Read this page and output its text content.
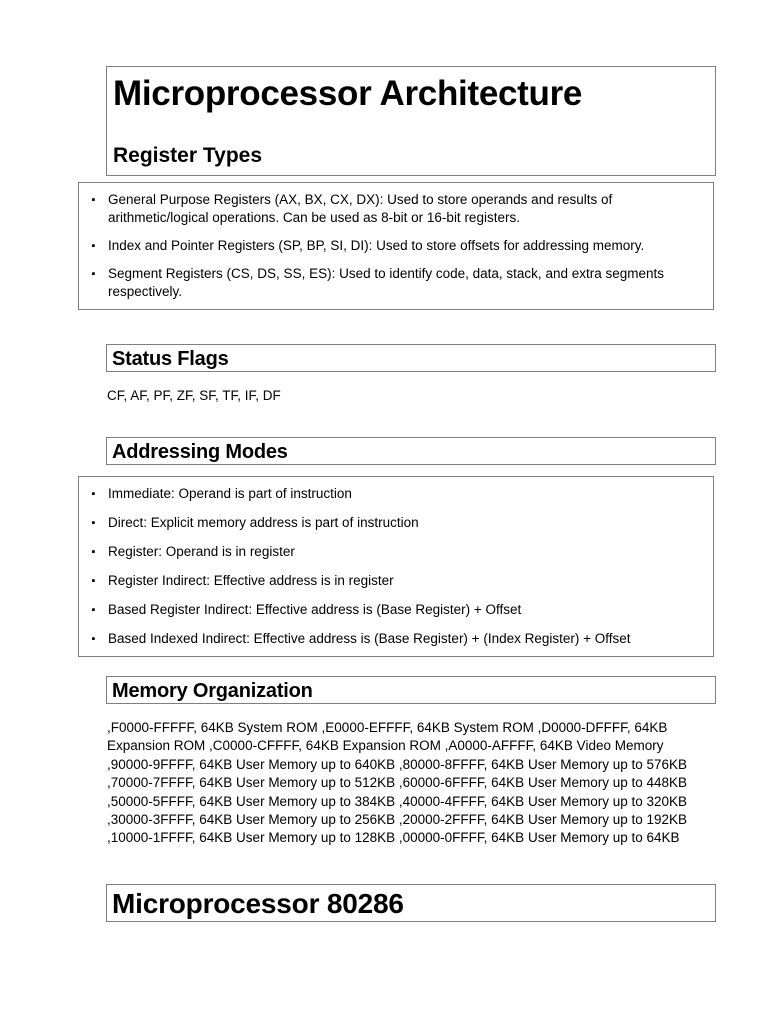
Microprocessor Architecture
Register Types
▪ General Purpose Registers (AX, BX, CX, DX): Used to store operands and results of arithmetic/logical operations. Can be used as 8-bit or 16-bit registers.
▪ Index and Pointer Registers (SP, BP, SI, DI): Used to store offsets for addressing memory.
▪ Segment Registers (CS, DS, SS, ES): Used to identify code, data, stack, and extra segments respectively.
Status Flags
CF, AF, PF, ZF, SF, TF, IF, DF
Addressing Modes
▪ Immediate: Operand is part of instruction
▪ Direct: Explicit memory address is part of instruction
▪ Register: Operand is in register
▪ Register Indirect: Effective address is in register
▪ Based Register Indirect: Effective address is (Base Register) + Offset
▪ Based Indexed Indirect: Effective address is (Base Register) + (Index Register) + Offset
Memory Organization
,F0000-FFFFF, 64KB System ROM ,E0000-EFFFF, 64KB System ROM ,D0000-DFFFF, 64KB Expansion ROM ,C0000-CFFFF, 64KB Expansion ROM ,A0000-AFFFF, 64KB Video Memory ,90000-9FFFF, 64KB User Memory up to 640KB ,80000-8FFFF, 64KB User Memory up to 576KB ,70000-7FFFF, 64KB User Memory up to 512KB ,60000-6FFFF, 64KB User Memory up to 448KB ,50000-5FFFF, 64KB User Memory up to 384KB ,40000-4FFFF, 64KB User Memory up to 320KB ,30000-3FFFF, 64KB User Memory up to 256KB ,20000-2FFFF, 64KB User Memory up to 192KB ,10000-1FFFF, 64KB User Memory up to 128KB ,00000-0FFFF, 64KB User Memory up to 64KB
Microprocessor 80286
